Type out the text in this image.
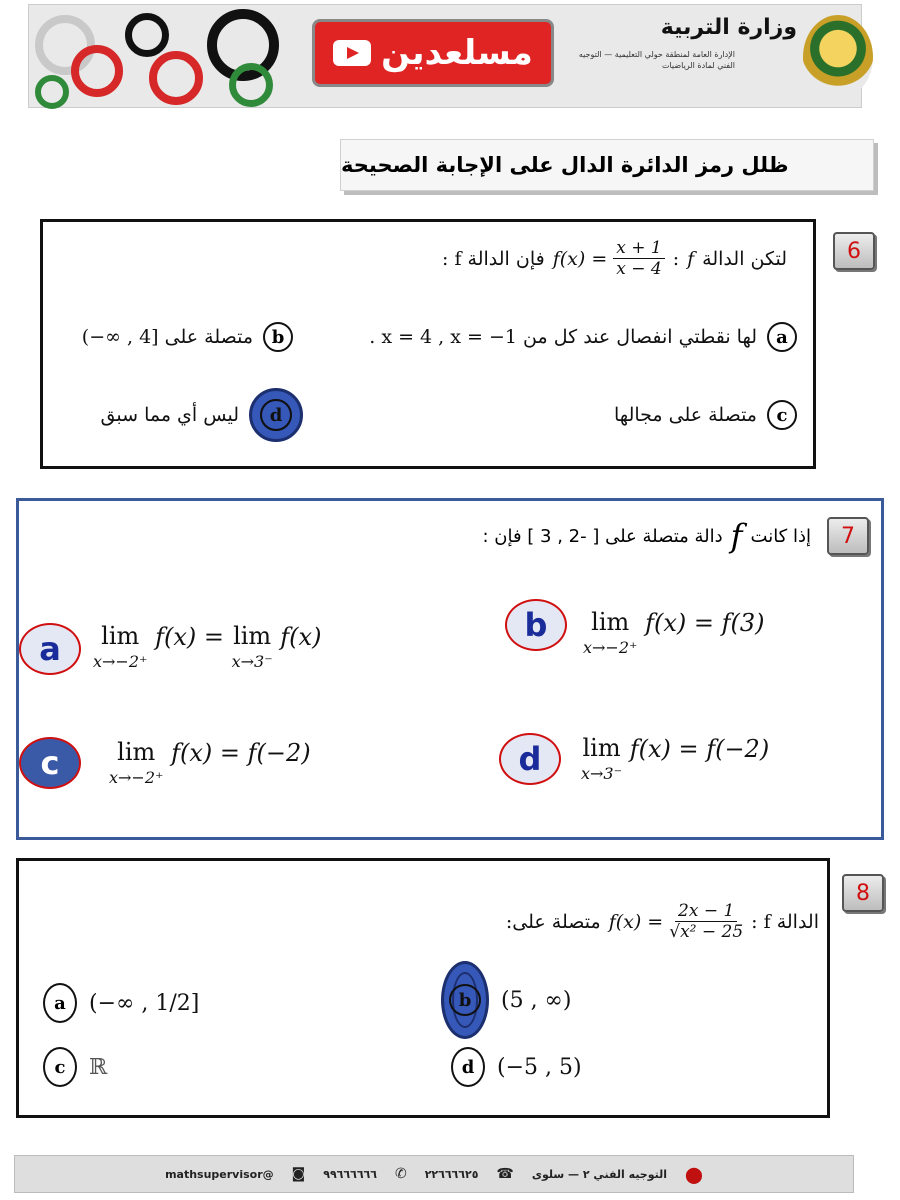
مسلعدين
وزارة التربية
الإدارة العامة لمنطقة حولي التعليمية — التوجيه الفني لمادة الرياضيات
ظلل رمز الدائرة الدال على الإجابة الصحيحة
6
لتكن الدالة
f
:
$f(x) = \frac{x + 1}{x - 4}$
فإن الدالة f :
a
لها نقطتي انفصال عند كل من x = 4 , x = −1 .
b
متصلة على [4 , ∞−)
c
متصلة على مجالها
d
ليس أي مما سبق
7
إذا كانت
f
دالة متصلة على [ -2 , 3 ] فإن :
b	lim
x→−2⁺
f(x) = f(3)
a	lim
x→−2⁺
f(x) = lim
x→3⁻
f(x)
d	lim
x→3⁻
f(x) = f(−2)
c	lim
x→−2⁺
f(x) = f(−2)
8
الدالة f :
$f(x) = \frac{2x - 1}{\text{√x² − 25}}$
متصلة على:
a	(−∞ , 1/2]
c	ℝ
b	(5 , ∞)
d	(−5 , 5)
⬤
التوجيه الفني ٢ — سلوى
☎
٢٢٦٦٦٦٢٥
✆
٩٩٦٦٦٦٦٦
◙
@mathsupervisor
